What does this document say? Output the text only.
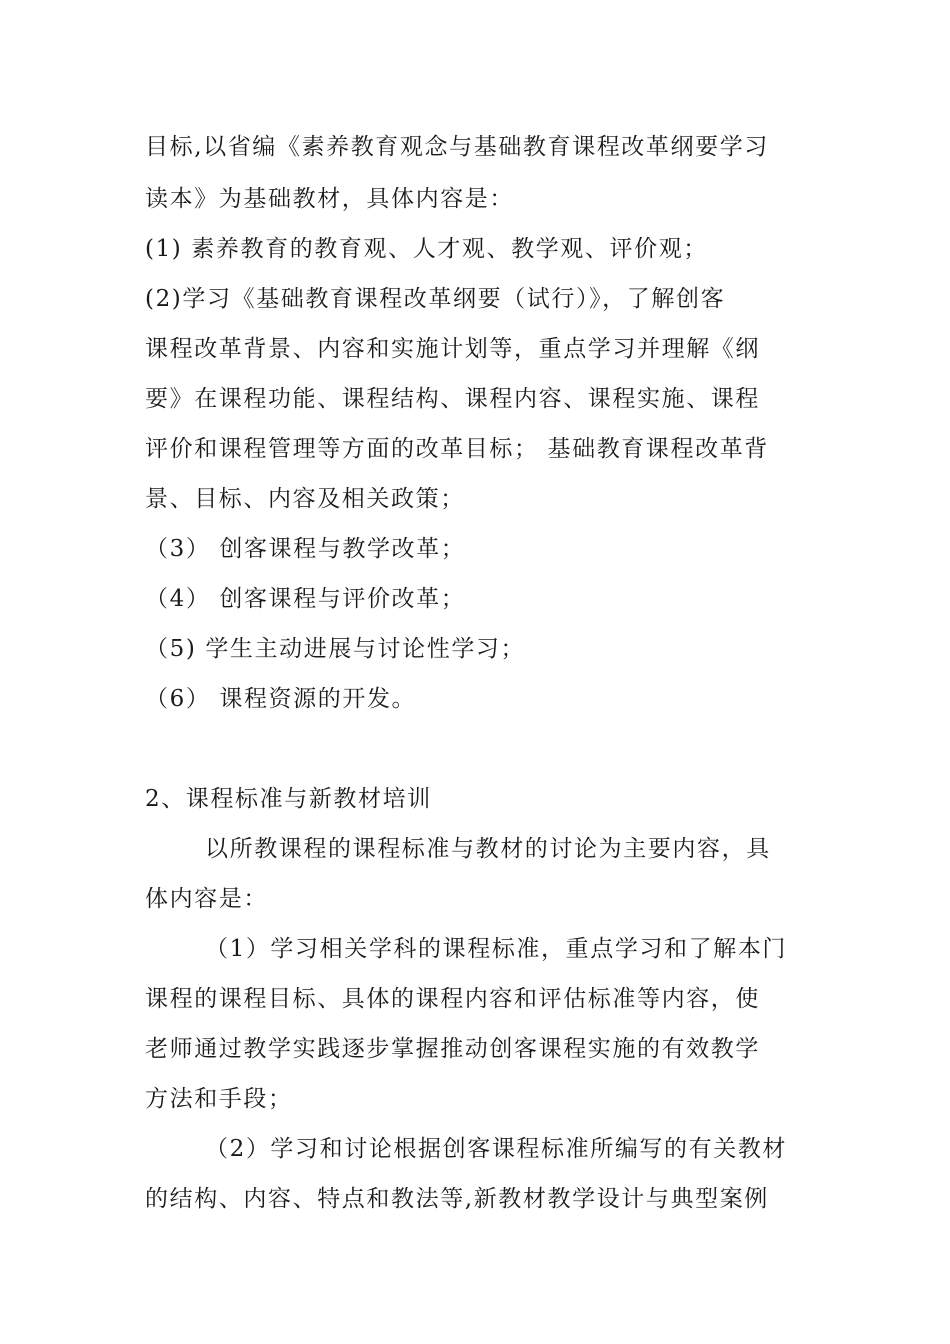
目标,以省编《素养教育观念与基础教育课程改革纲要学习
读本》为基础教材，具体内容是：
(1) 素养教育的教育观、人才观、教学观、评价观；
(2)学习《基础教育课程改革纲要（试行）》，了解创客
课程改革背景、内容和实施计划等，重点学习并理解《纲
要》在课程功能、课程结构、课程内容、课程实施、课程
评价和课程管理等方面的改革目标； 基础教育课程改革背
景、目标、内容及相关政策；
（3） 创客课程与教学改革；
（4） 创客课程与评价改革；
（5) 学生主动进展与讨论性学习；
（6） 课程资源的开发。
2、课程标准与新教材培训
以所教课程的课程标准与教材的讨论为主要内容，具
体内容是：
（1）学习相关学科的课程标准，重点学习和了解本门
课程的课程目标、具体的课程内容和评估标准等内容，使
老师通过教学实践逐步掌握推动创客课程实施的有效教学
方法和手段；
（2）学习和讨论根据创客课程标准所编写的有关教材
的结构、内容、特点和教法等,新教材教学设计与典型案例
